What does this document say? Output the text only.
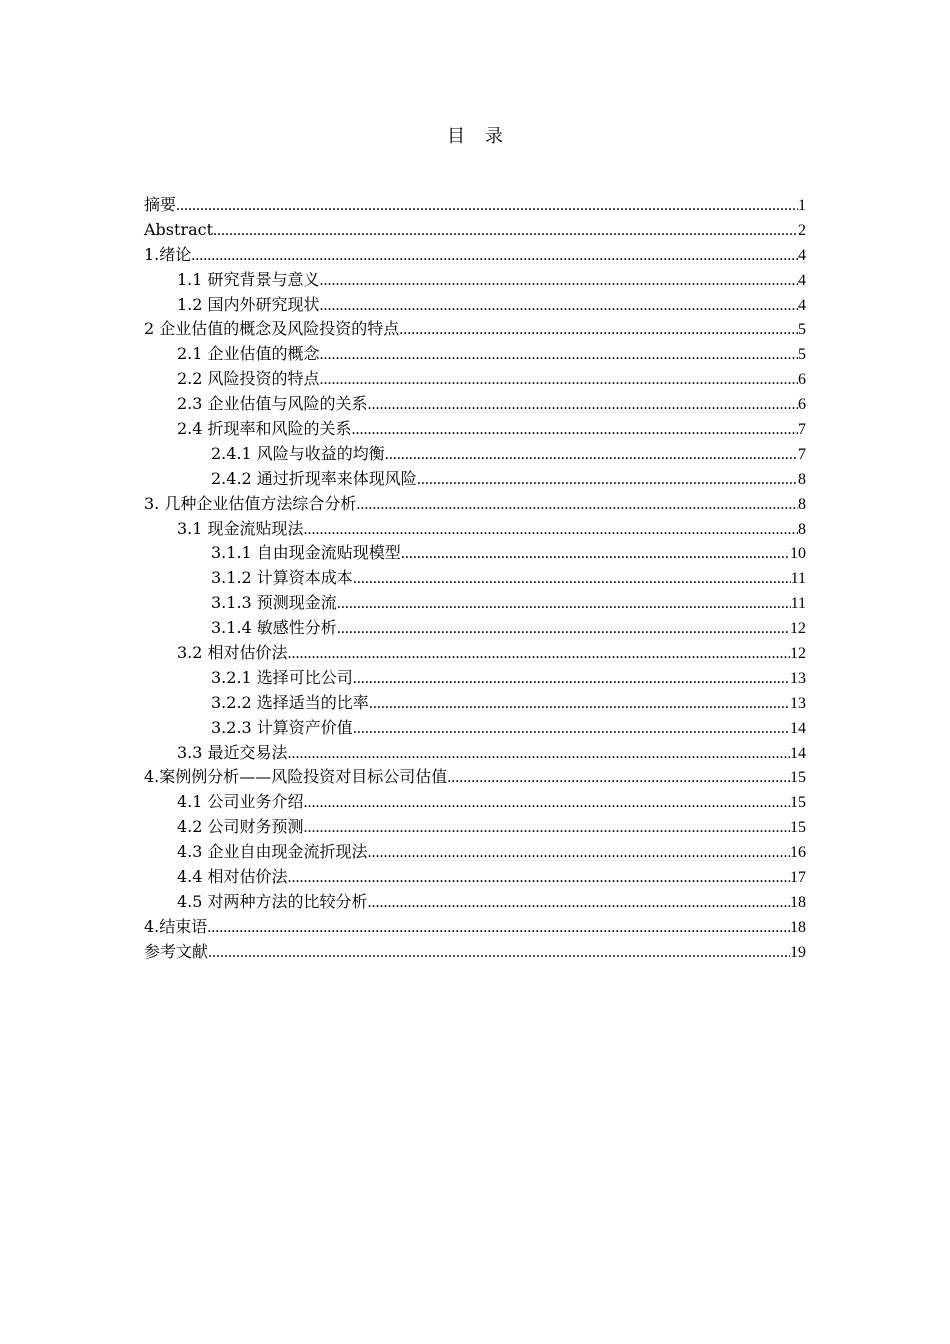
目 录
摘要 .....	1
Abstract .....	2
1.绪论 .....	4
1.1 研究背景与意义 .....	4
1.2 国内外研究现状 .....	4
2 企业估值的概念及风险投资的特点 .....	5
2.1 企业估值的概念 .....	5
2.2 风险投资的特点 .....	6
2.3 企业估值与风险的关系 .....	6
2.4 折现率和风险的关系 .....	7
2.4.1 风险与收益的均衡 .....	7
2.4.2 通过折现率来体现风险 .....	8
3. 几种企业估值方法综合分析 .....	8
3.1 现金流贴现法 .....	8
3.1.1 自由现金流贴现模型 .....	10
3.1.2 计算资本成本 .....	11
3.1.3 预测现金流 .....	11
3.1.4 敏感性分析 .....	12
3.2 相对估价法 .....	12
3.2.1 选择可比公司 .....	13
3.2.2 选择适当的比率 .....	13
3.2.3 计算资产价值 .....	14
3.3 最近交易法 .....	14
4.案例例分析——风险投资对目标公司估值 .....	15
4.1 公司业务介绍 .....	15
4.2 公司财务预测 .....	15
4.3 企业自由现金流折现法 .....	16
4.4 相对估价法 .....	17
4.5 对两种方法的比较分析 .....	18
4.结束语 .....	18
参考文献 .....	19
